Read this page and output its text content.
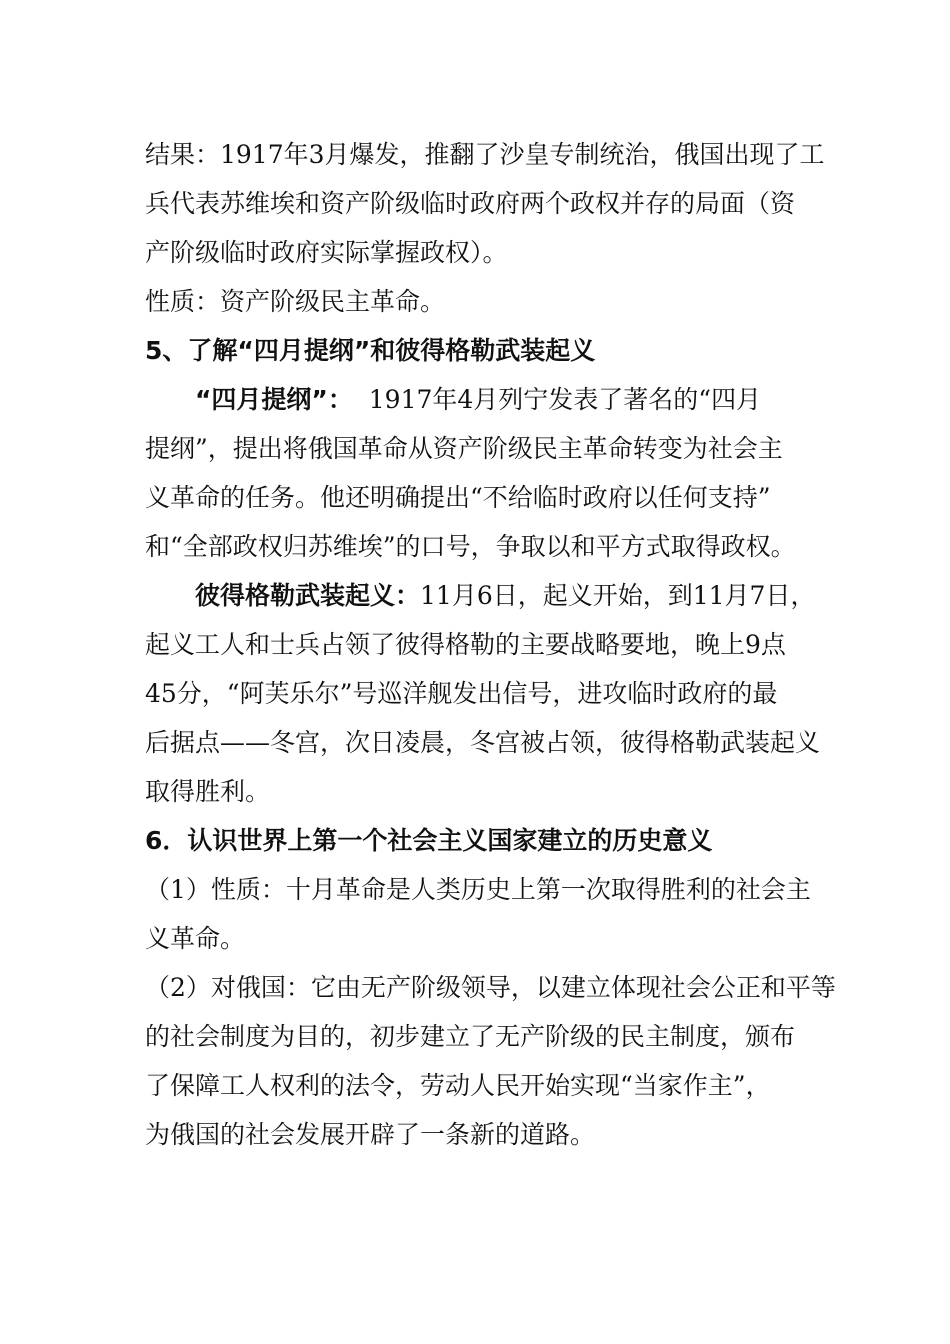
结果：1917年3月爆发，推翻了沙皇专制统治，俄国出现了工
兵代表苏维埃和资产阶级临时政府两个政权并存的局面（资
产阶级临时政府实际掌握政权）。
性质：资产阶级民主革命。
5、了解“四月提纲”和彼得格勒武装起义
“四月提纲”：  1917年4月列宁发表了著名的“四月
提纲”，提出将俄国革命从资产阶级民主革命转变为社会主
义革命的任务。他还明确提出“不给临时政府以任何支持”
和“全部政权归苏维埃”的口号，争取以和平方式取得政权。
彼得格勒武装起义：11月6日，起义开始，到11月7日，
起义工人和士兵占领了彼得格勒的主要战略要地，晚上9点
45分，“阿芙乐尔”号巡洋舰发出信号，进攻临时政府的最
后据点——冬宫，次日凌晨，冬宫被占领，彼得格勒武装起义
取得胜利。
6．认识世界上第一个社会主义国家建立的历史意义
（1）性质：十月革命是人类历史上第一次取得胜利的社会主
义革命。
（2）对俄国：它由无产阶级领导，以建立体现社会公正和平等
的社会制度为目的，初步建立了无产阶级的民主制度，颁布
了保障工人权利的法令，劳动人民开始实现“当家作主”，
为俄国的社会发展开辟了一条新的道路。
